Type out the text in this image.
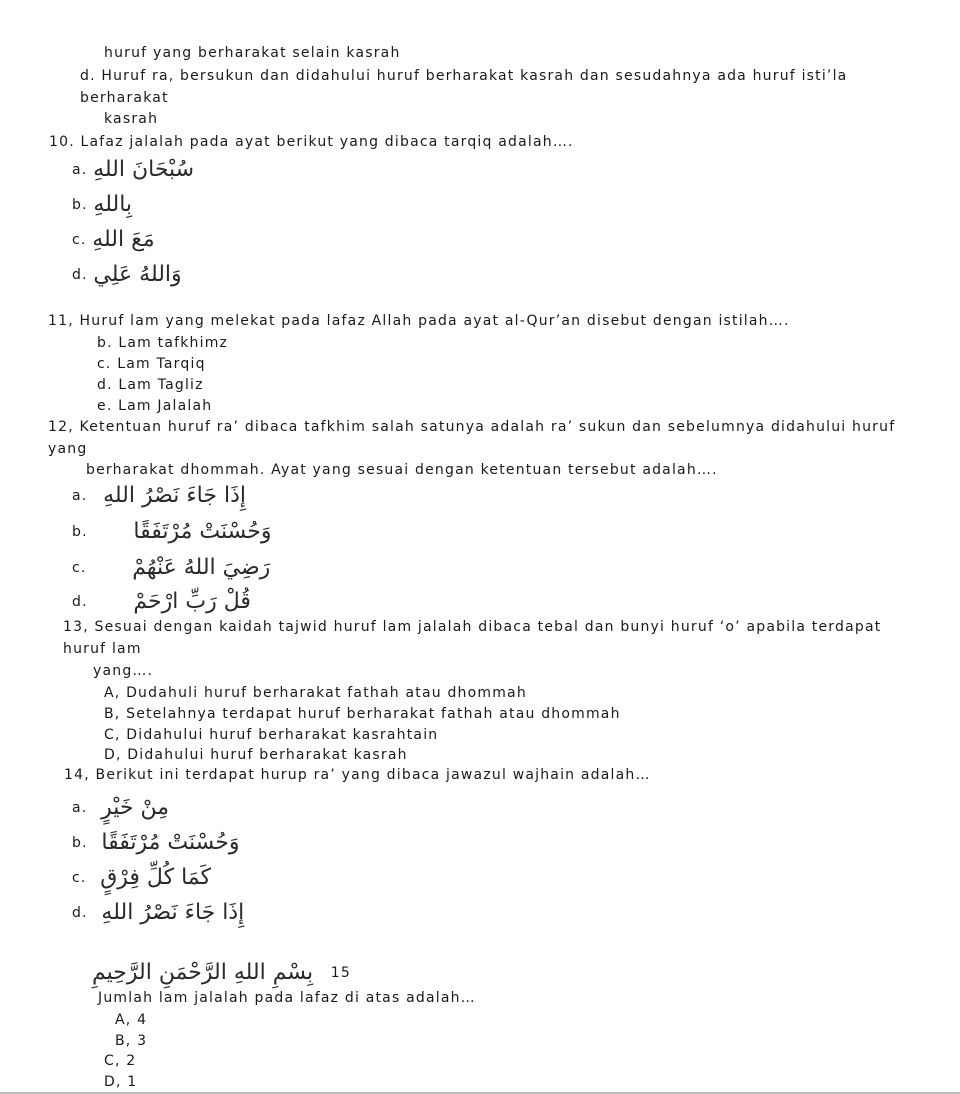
huruf yang berharakat selain kasrah
d. Huruf ra, bersukun dan didahului huruf berharakat kasrah dan sesudahnya ada huruf isti’la
berharakat
kasrah
10. Lafaz jalalah pada ayat berikut yang dibaca tarqiq adalah….
a. سُبْحَانَ اللهِ
b. بِاللهِ
c. مَعَ اللهِ
d. وَاللهُ عَلِي
11, Huruf lam yang melekat pada lafaz Allah pada ayat al-Qur’an disebut dengan istilah….
b. Lam tafkhimz
c. Lam Tarqiq
d. Lam Tagliz
e. Lam Jalalah
12, Ketentuan huruf ra’ dibaca tafkhim salah satunya adalah ra’ sukun dan sebelumnya didahului huruf
yang
berharakat dhommah. Ayat yang sesuai dengan ketentuan tersebut adalah….
a. إِذَا جَاءَ نَصْرُ اللهِ
b. وَحُسْنَتْ مُرْتَفَقًا
c. رَضِيَ اللهُ عَنْهُمْ
d. قُلْ رَبِّ ارْحَمْ
13, Sesuai dengan kaidah tajwid huruf lam jalalah dibaca tebal dan bunyi huruf ‘o’ apabila terdapat
huruf lam
yang….
A, Dudahuli huruf berharakat fathah atau dhommah
B, Setelahnya terdapat huruf berharakat fathah atau dhommah
C, Didahului huruf berharakat kasrahtain
D, Didahului huruf berharakat kasrah
14, Berikut ini terdapat hurup ra’ yang dibaca jawazul wajhain adalah…
a. مِنْ خَيْرٍ
b. وَحُسْنَتْ مُرْتَفَقًا
c. كَمَا كُلِّ فِرْقٍ
d. إِذَا جَاءَ نَصْرُ اللهِ
بِسْمِ اللهِ الرَّحْمَنِ الرَّحِيمِ 15
Jumlah lam jalalah pada lafaz di atas adalah…
A, 4
B, 3
C, 2
D, 1
